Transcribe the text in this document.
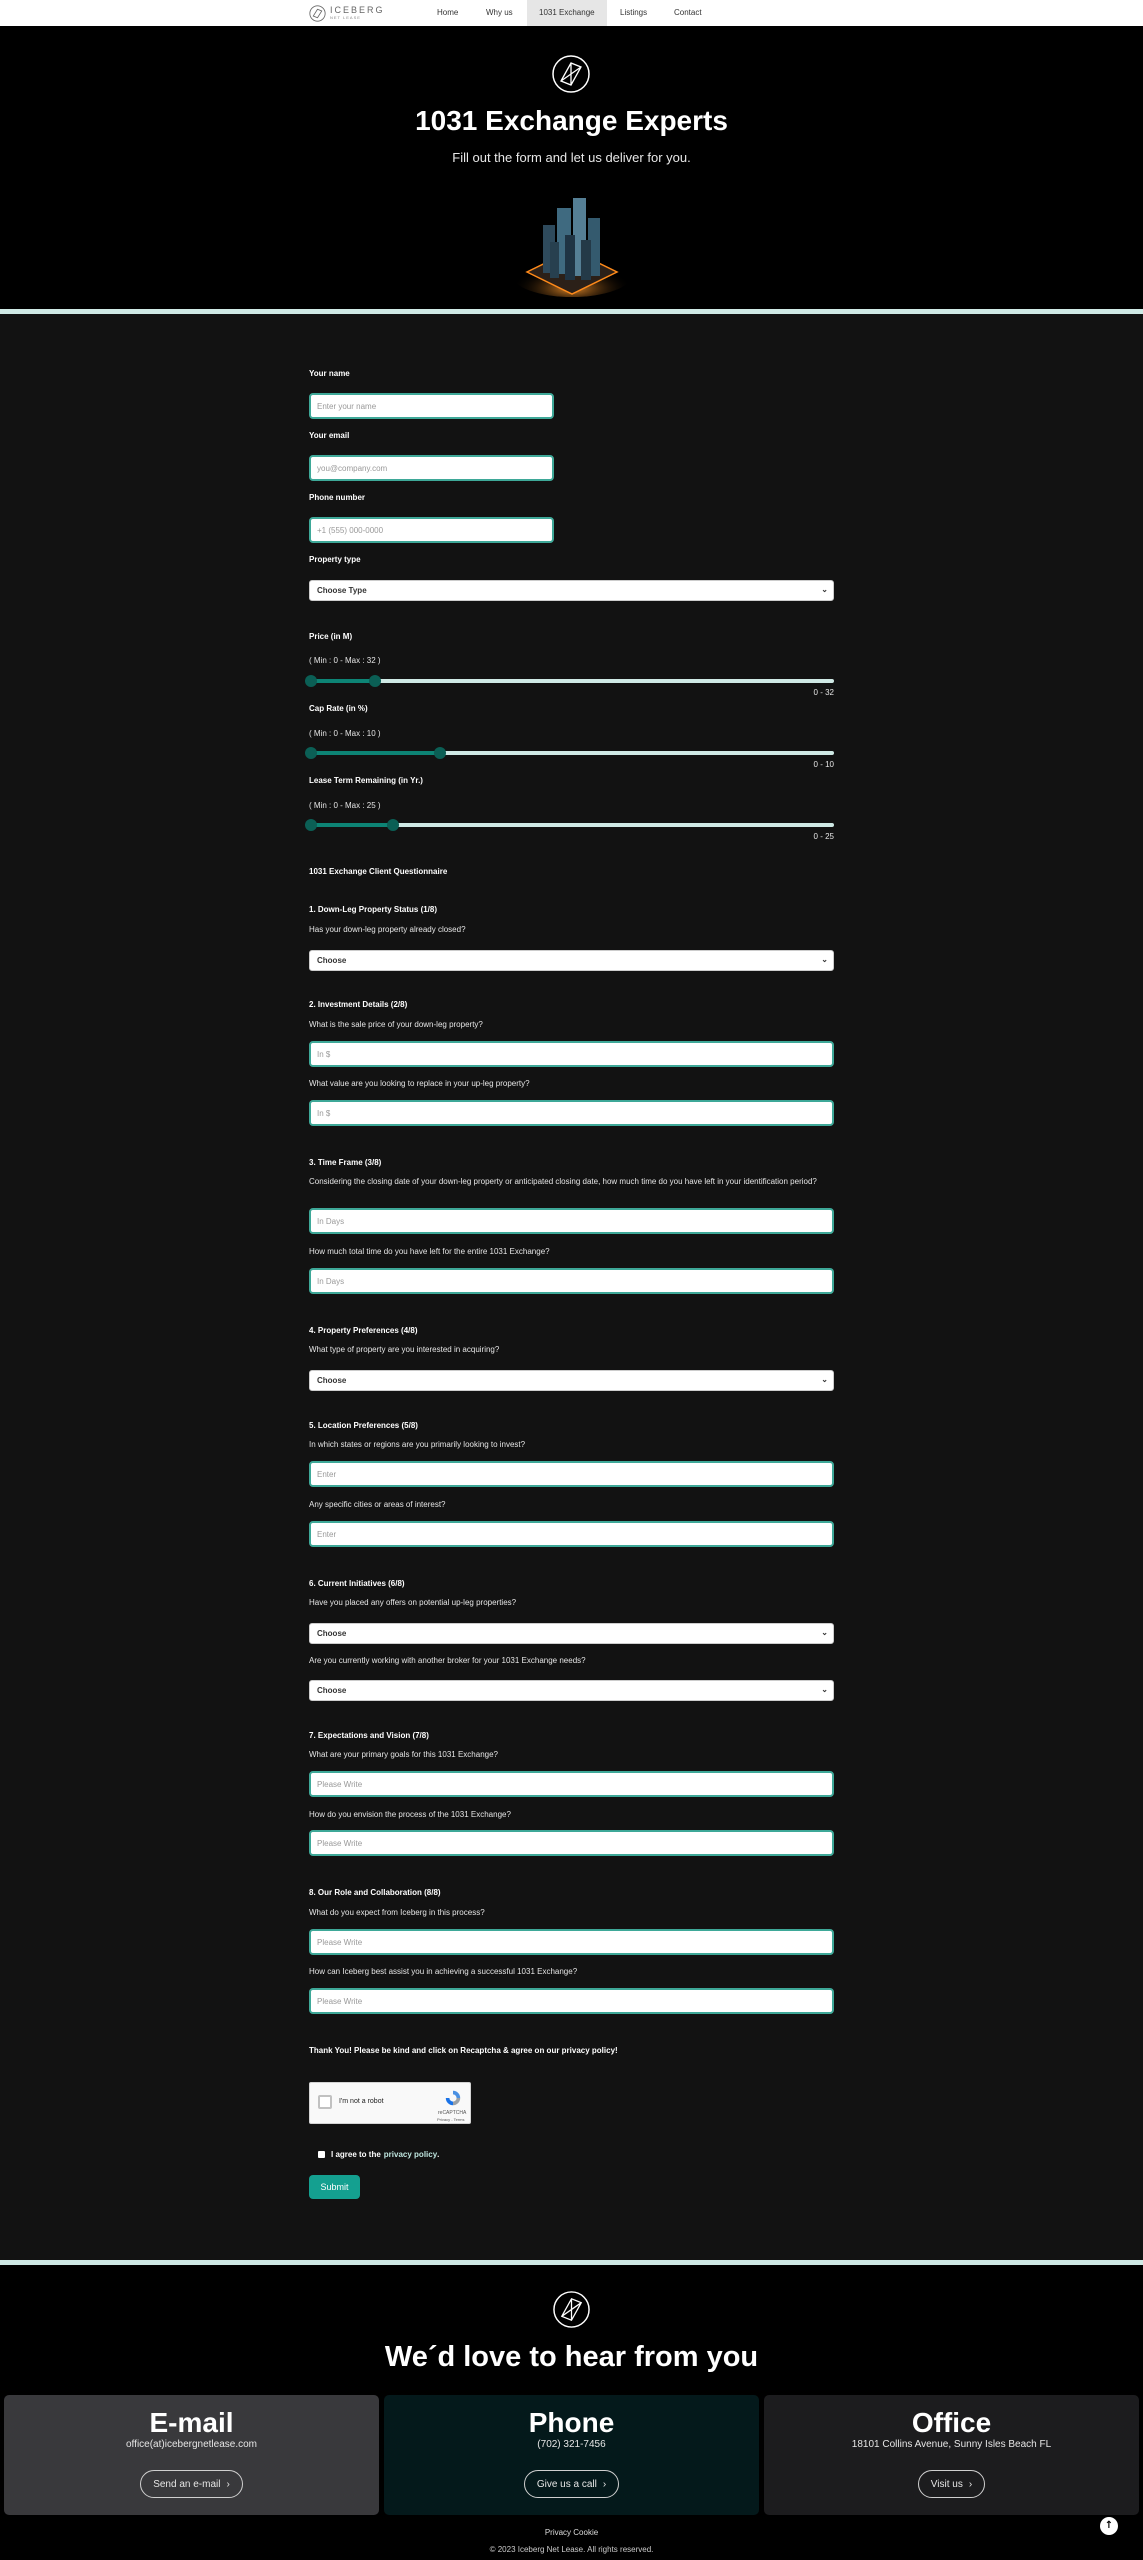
ICEBERG
NET LEASE	Home	Why us	1031 Exchange	Listings	Contact
1031 Exchange Experts
Fill out the form and let us deliver for you.
Your name
Enter your name
Your email
you@company.com
Phone number
+1 (555) 000-0000
Property type
Choose Type	⌄
Price (in M)
( Min : 0 - Max : 32 )
0 - 32
Cap Rate (in %)
( Min : 0 - Max : 10 )
0 - 10
Lease Term Remaining (in Yr.)
( Min : 0 - Max : 25 )
0 - 25
1031 Exchange Client Questionnaire
1. Down-Leg Property Status (1/8)
Has your down-leg property already closed?
Choose	⌄
2. Investment Details (2/8)
What is the sale price of your down-leg property?
In $
What value are you looking to replace in your up-leg property?
In $
3. Time Frame (3/8)
Considering the closing date of your down-leg property or anticipated closing date, how much time do you have left in your identification period?
In Days
How much total time do you have left for the entire 1031 Exchange?
In Days
4. Property Preferences (4/8)
What type of property are you interested in acquiring?
Choose	⌄
5. Location Preferences (5/8)
In which states or regions are you primarily looking to invest?
Enter
Any specific cities or areas of interest?
Enter
6. Current Initiatives (6/8)
Have you placed any offers on potential up-leg properties?
Choose	⌄
Are you currently working with another broker for your 1031 Exchange needs?
Choose	⌄
7. Expectations and Vision (7/8)
What are your primary goals for this 1031 Exchange?
Please Write
How do you envision the process of the 1031 Exchange?
Please Write
8. Our Role and Collaboration (8/8)
What do you expect from Iceberg in this process?
Please Write
How can Iceberg best assist you in achieving a successful 1031 Exchange?
Please Write
Thank You! Please be kind and click on Recaptcha & agree on our privacy policy!
I'm not a robot
reCAPTCHA
Privacy - Terms
I agree to the privacy policy .
Submit
We´d love to hear from you
E-mail
office(at)icebergnetlease.com
Send an e-mail ›
Phone
(702) 321-7456
Give us a call ›
Office
18101 Collins Avenue, Sunny Isles Beach FL
Visit us ›
Privacy Cookie
© 2023 Iceberg Net Lease. All rights reserved.
↑
